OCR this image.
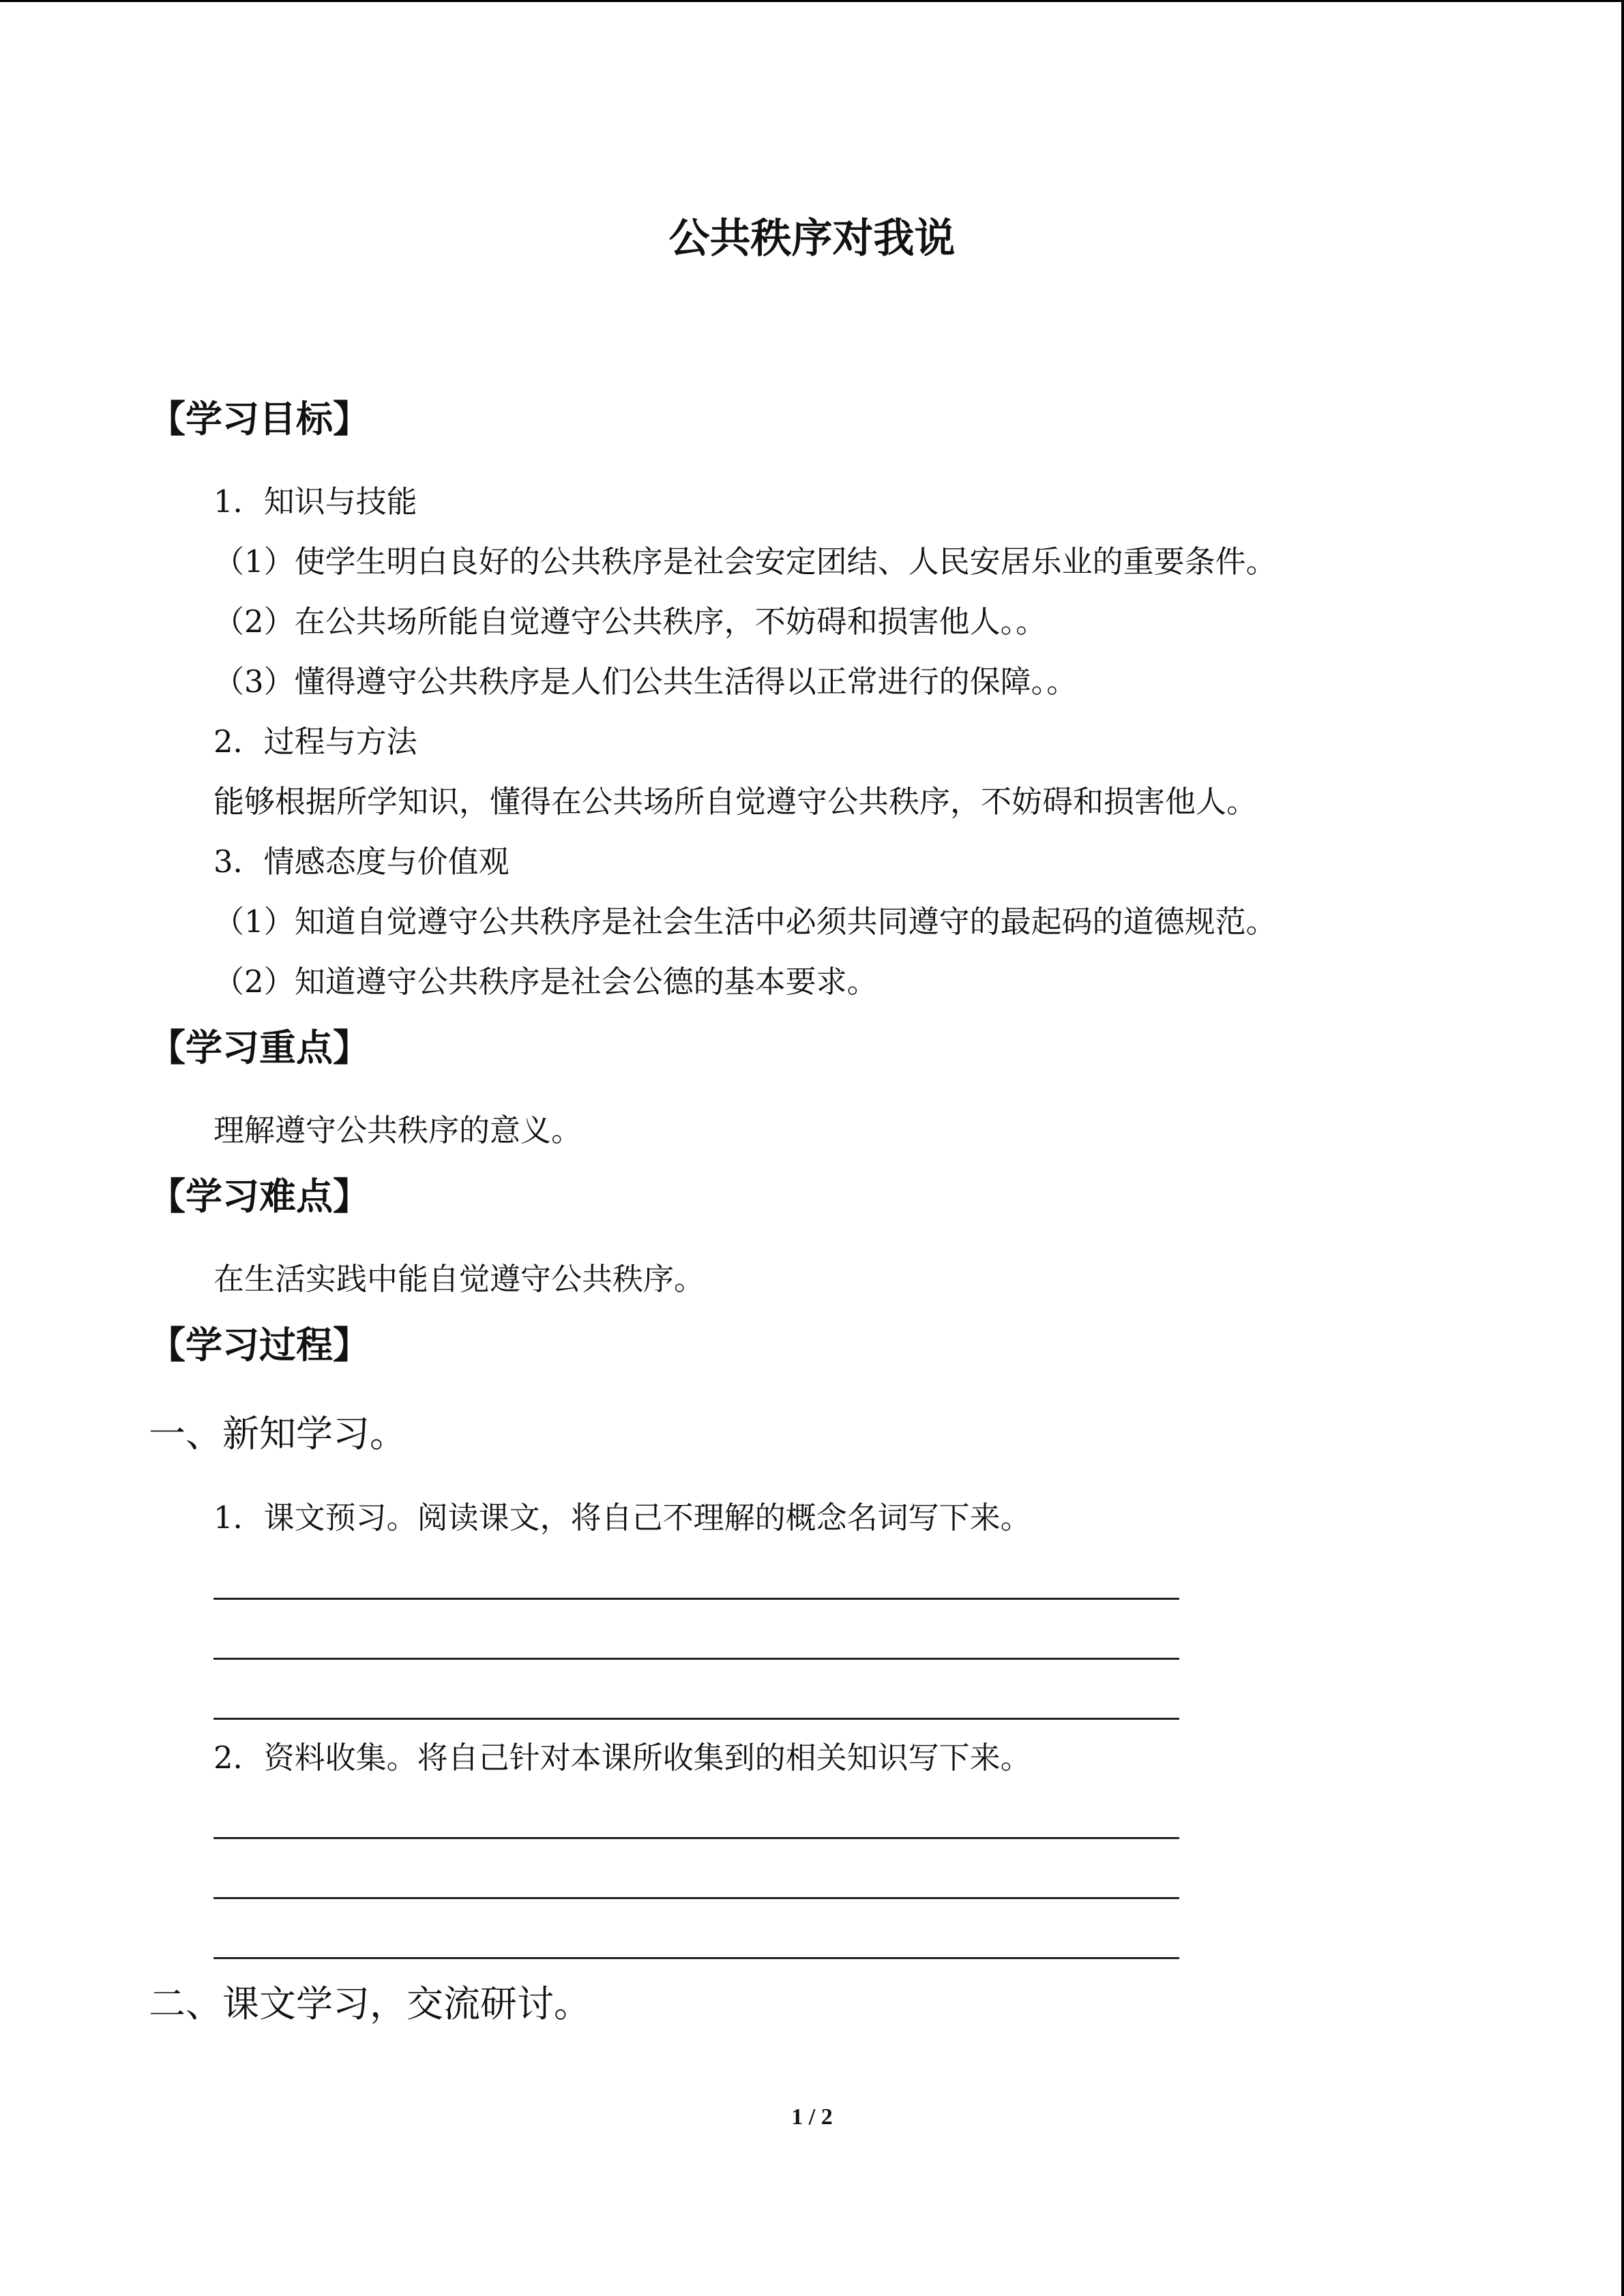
公共秩序对我说
【学习目标】
1．知识与技能
（1）使学生明白良好的公共秩序是社会安定团结、人民安居乐业的重要条件。
（2）在公共场所能自觉遵守公共秩序，不妨碍和损害他人。。
（3）懂得遵守公共秩序是人们公共生活得以正常进行的保障。。
2．过程与方法
能够根据所学知识，懂得在公共场所自觉遵守公共秩序，不妨碍和损害他人。
3．情感态度与价值观
（1）知道自觉遵守公共秩序是社会生活中必须共同遵守的最起码的道德规范。
（2）知道遵守公共秩序是社会公德的基本要求。
【学习重点】
理解遵守公共秩序的意义。
【学习难点】
在生活实践中能自觉遵守公共秩序。
【学习过程】
一、新知学习。
1．课文预习。阅读课文，将自己不理解的概念名词写下来。
2．资料收集。将自己针对本课所收集到的相关知识写下来。
二、课文学习，交流研讨。
1 / 2
